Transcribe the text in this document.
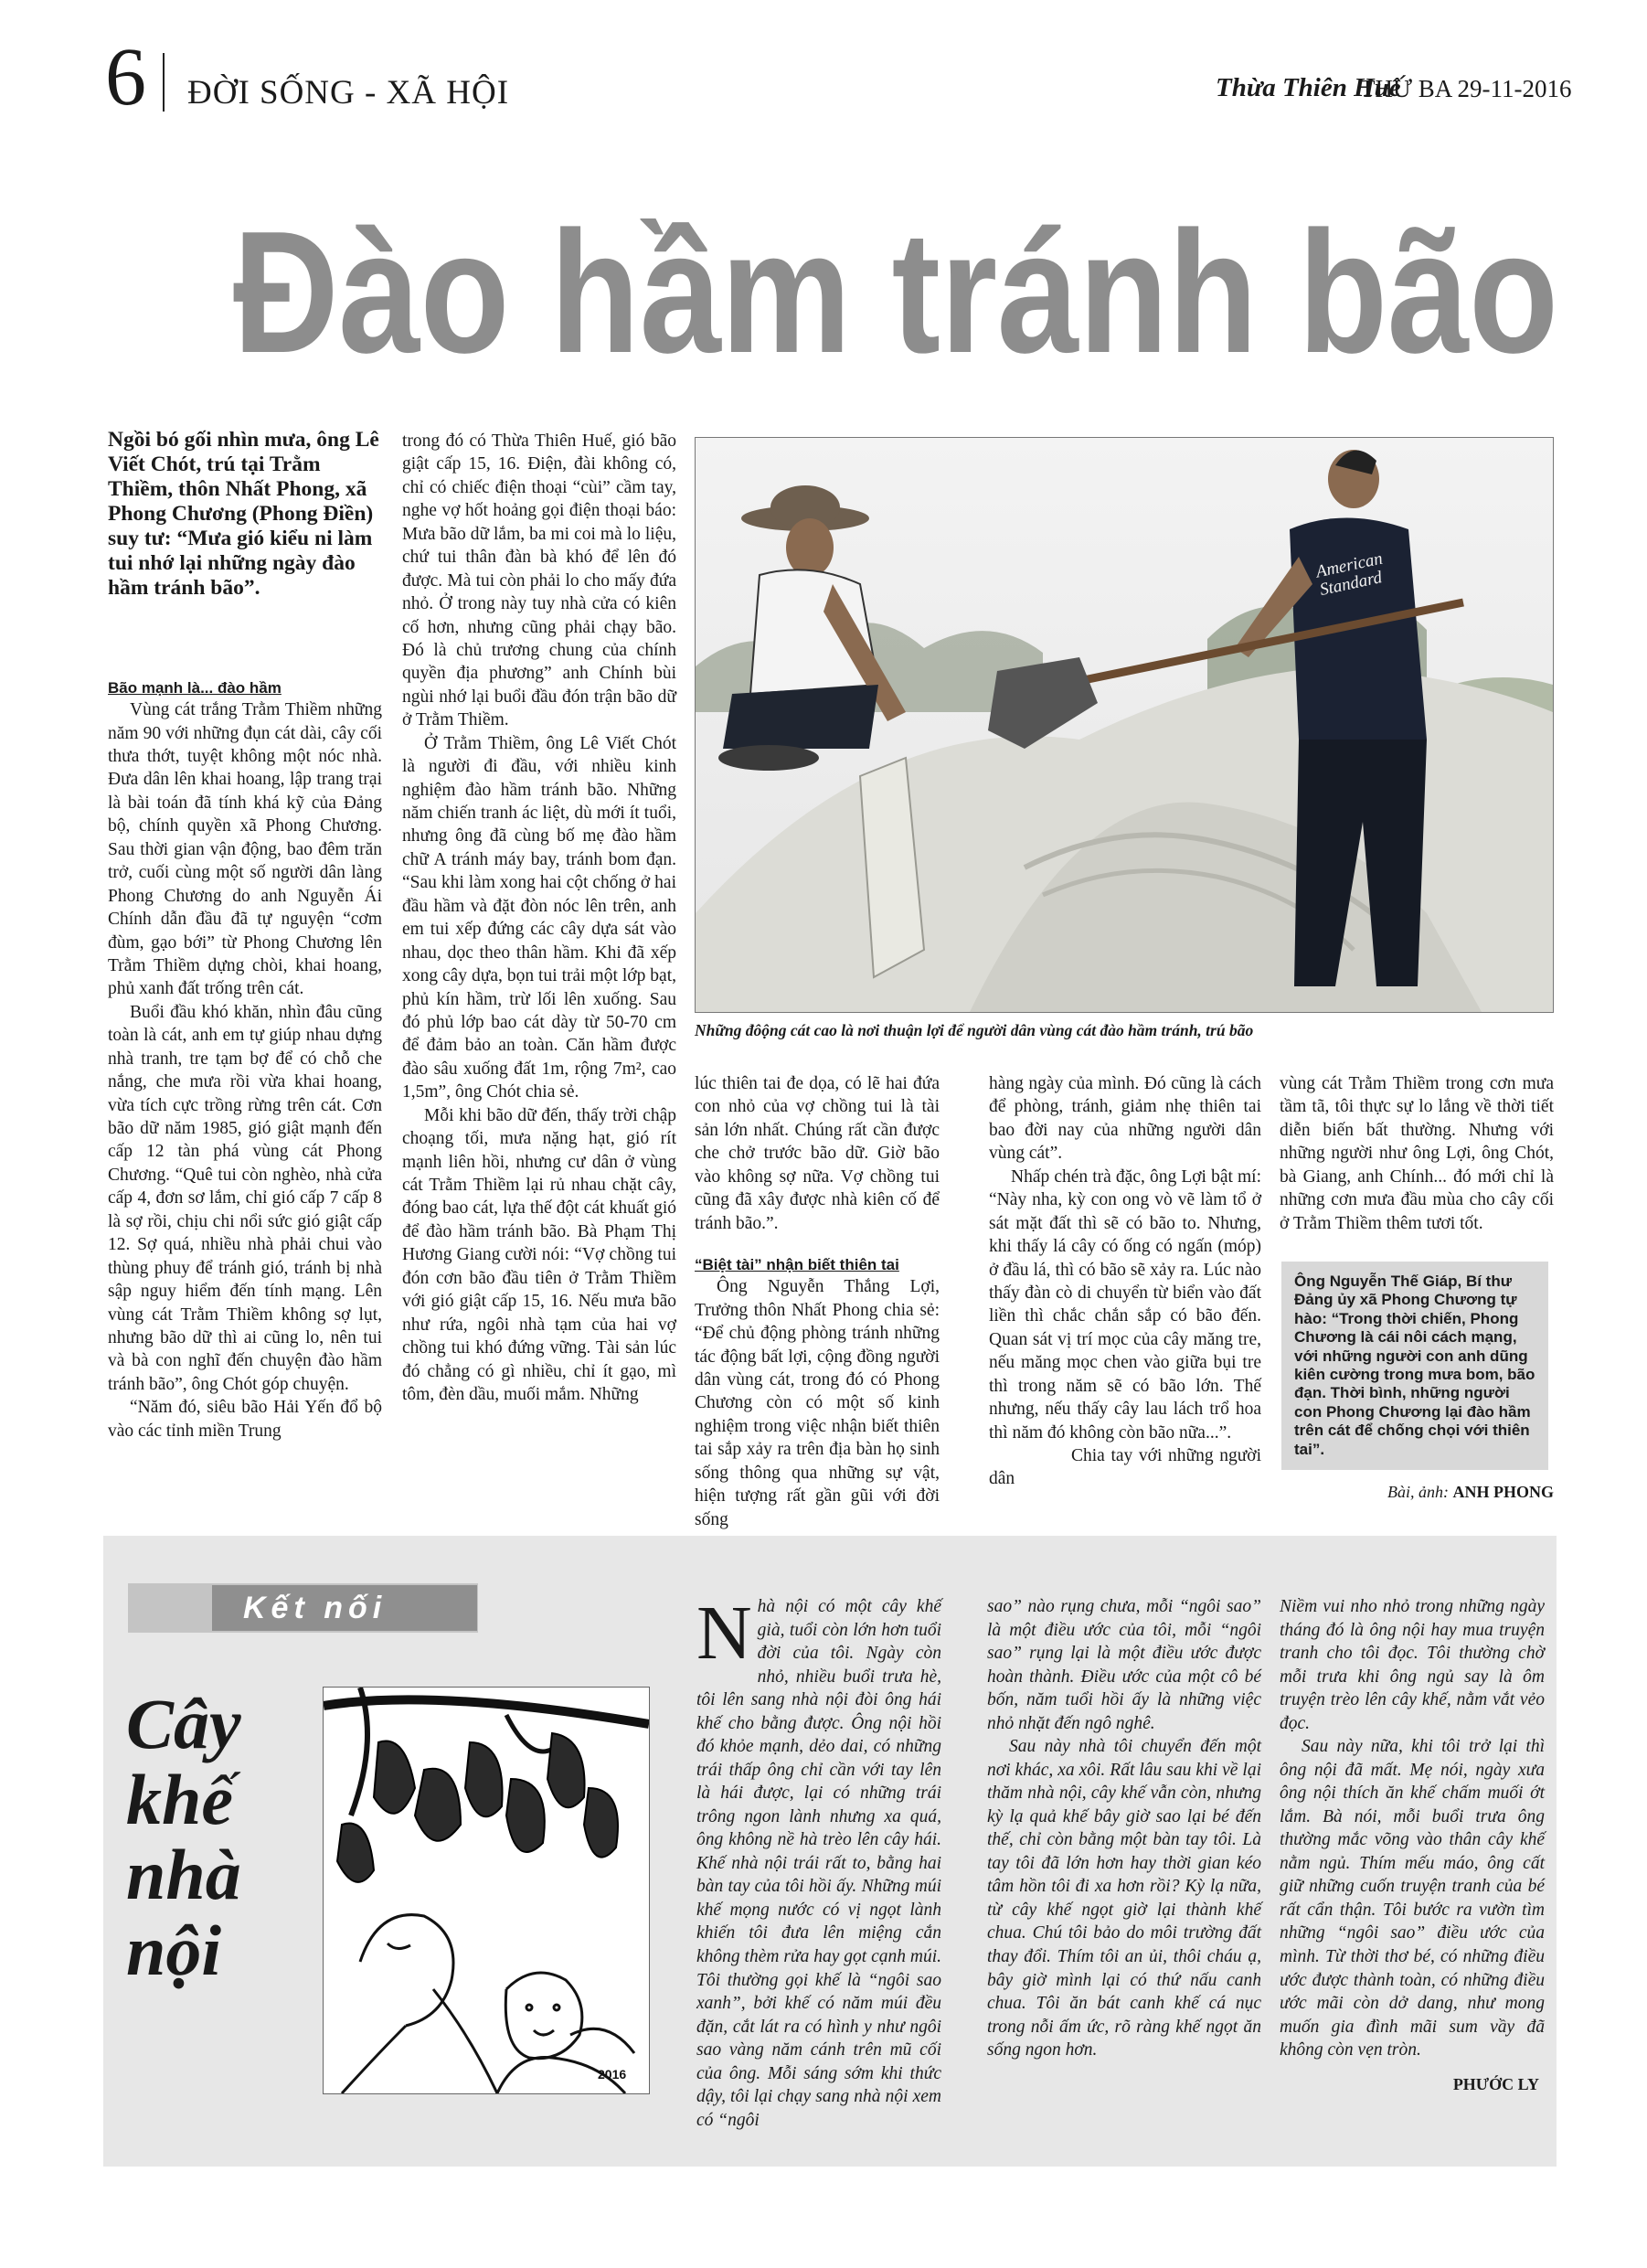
6 ĐỜI SỐNG - XÃ HỘI	Thừa Thiên Huế
THỨ BA 29-11-2016
Đào hầm tránh bão

Ngồi bó gối nhìn mưa, ông Lê Viết Chót, trú tại Trằm Thiềm, thôn Nhất Phong, xã Phong Chương (Phong Điền) suy tư: “Mưa gió kiểu ni làm tui nhớ lại những ngày đào hầm tránh bão”.

Bão mạnh là... đào hầm

Vùng cát trắng Trằm Thiềm những năm 90 với những đụn cát dài, cây cối thưa thớt, tuyệt không một nóc nhà. Đưa dân lên khai hoang, lập trang trại là bài toán đã tính khá kỹ của Đảng bộ, chính quyền xã Phong Chương. Sau thời gian vận động, bao đêm trăn trở, cuối cùng một số người dân làng Phong Chương do anh Nguyễn Ái Chính dẫn đầu đã tự nguyện “cơm đùm, gạo bới” từ Phong Chương lên Trằm Thiềm dựng chòi, khai hoang, phủ xanh đất trống trên cát.

Buổi đầu khó khăn, nhìn đâu cũng toàn là cát, anh em tự giúp nhau dựng nhà tranh, tre tạm bợ để có chỗ che nắng, che mưa rồi vừa khai hoang, vừa tích cực trồng rừng trên cát. Cơn bão dữ năm 1985, gió giật mạnh đến cấp 12 tàn phá vùng cát Phong Chương. “Quê tui còn nghèo, nhà cửa cấp 4, đơn sơ lắm, chỉ gió cấp 7 cấp 8 là sợ rồi, chịu chi nổi sức gió giật cấp 12. Sợ quá, nhiều nhà phải chui vào thùng phuy để tránh gió, tránh bị nhà sập nguy hiểm đến tính mạng. Lên vùng cát Trằm Thiềm không sợ lụt, nhưng bão dữ thì ai cũng lo, nên tui và bà con nghĩ đến chuyện đào hầm tránh bão”, ông Chót góp chuyện.

“Năm đó, siêu bão Hải Yến đổ bộ vào các tỉnh miền Trung

trong đó có Thừa Thiên Huế, gió bão giật cấp 15, 16. Điện, đài không có, chỉ có chiếc điện thoại “cùi” cầm tay, nghe vợ hốt hoảng gọi điện thoại báo: Mưa bão dữ lắm, ba mi coi mà lo liệu, chứ tui thân đàn bà khó để lên đó được. Mà tui còn phải lo cho mấy đứa nhỏ. Ở trong này tuy nhà cửa có kiên cố hơn, nhưng cũng phải chạy bão. Đó là chủ trương chung của chính quyền địa phương” anh Chính bùi ngùi nhớ lại buổi đầu đón trận bão dữ ở Trằm Thiềm.

Ở Trằm Thiềm, ông Lê Viết Chót là người đi đầu, với nhiều kinh nghiệm đào hầm tránh bão. Những năm chiến tranh ác liệt, dù mới ít tuổi, nhưng ông đã cùng bố mẹ đào hầm chữ A tránh máy bay, tránh bom đạn. “Sau khi làm xong hai cột chống ở hai đầu hầm và đặt đòn nóc lên trên, anh em tui xếp đứng các cây dựa sát vào nhau, dọc theo thân hầm. Khi đã xếp xong cây dựa, bọn tui trải một lớp bạt, phủ kín hầm, trừ lối lên xuống. Sau đó phủ lớp bao cát dày từ 50-70 cm để đảm bảo an toàn. Căn hầm được đào sâu xuống đất 1m, rộng 7m², cao 1,5m”, ông Chót chia sẻ.

Mỗi khi bão dữ đến, thấy trời chập choạng tối, mưa nặng hạt, gió rít mạnh liên hồi, nhưng cư dân ở vùng cát Trằm Thiềm lại rủ nhau chặt cây, đóng bao cát, lựa thế đột cát khuất gió để đào hầm tránh bão. Bà Phạm Thị Hương Giang cười nói: “Vợ chồng tui đón cơn bão đầu tiên ở Trằm Thiềm với gió giật cấp 15, 16. Nếu mưa bão như rứa, ngôi nhà tạm của hai vợ chồng tui khó đứng vững. Tài sản lúc đó chẳng có gì nhiều, chỉ ít gạo, mì tôm, đèn dầu, muối mắm. Những

American Standard
Những đôộng cát cao là nơi thuận lợi để người dân vùng cát đào hầm tránh, trú bão

lúc thiên tai đe dọa, có lẽ hai đứa con nhỏ của vợ chồng tui là tài sản lớn nhất. Chúng rất cần được che chở trước bão dữ. Giờ bão vào không sợ nữa. Vợ chồng tui cũng đã xây được nhà kiên cố để tránh bão.”.

“Biệt tài” nhận biết thiên tai

Ông Nguyễn Thắng Lợi, Trưởng thôn Nhất Phong chia sẻ: “Để chủ động phòng tránh những tác động bất lợi, cộng đồng người dân vùng cát, trong đó có Phong Chương còn có một số kinh nghiệm trong việc nhận biết thiên tai sắp xảy ra trên địa bàn họ sinh sống thông qua những sự vật, hiện tượng rất gần gũi với đời sống

hàng ngày của mình. Đó cũng là cách để phòng, tránh, giảm nhẹ thiên tai bao đời nay của những người dân vùng cát”.

Nhấp chén trà đặc, ông Lợi bật mí: “Này nha, kỳ con ong vò vẽ làm tổ ở sát mặt đất thì sẽ có bão to. Nhưng, khi thấy lá cây có ống có ngấn (móp) ở đầu lá, thì có bão sẽ xảy ra. Lúc nào thấy đàn cò di chuyển từ biển vào đất liền thì chắc chắn sắp có bão đến. Quan sát vị trí mọc của cây măng tre, nếu măng mọc chen vào giữa bụi tre thì trong năm sẽ có bão lớn. Thế nhưng, nếu thấy cây lau lách trổ hoa thì năm đó không còn bão nữa...”.

Chia tay với những người dân

vùng cát Trằm Thiềm trong cơn mưa tầm tã, tôi thực sự lo lắng về thời tiết diễn biến bất thường. Nhưng với những người như ông Lợi, ông Chót, bà Giang, anh Chính... đó mới chỉ là những cơn mưa đầu mùa cho cây cối ở Trằm Thiềm thêm tươi tốt.

Ông Nguyễn Thế Giáp, Bí thư Đảng ủy xã Phong Chương tự hào: “Trong thời chiến, Phong Chương là cái nôi cách mạng, với những người con anh dũng kiên cường trong mưa bom, bão đạn. Thời bình, những người con Phong Chương lại đào hầm trên cát để chống chọi với thiên tai”.
Bài, ảnh: ANH PHONG
Kết nối
Cây
khế
nhà
nội
2016

Nhà nội có một cây khế già, tuổi còn lớn hơn tuổi đời của tôi. Ngày còn nhỏ, nhiều buổi trưa hè, tôi lên sang nhà nội đòi ông hái khế cho bằng được. Ông nội hồi đó khỏe mạnh, dẻo dai, có những trái thấp ông chỉ cần với tay lên là hái được, lại có những trái trông ngon lành nhưng xa quá, ông không nề hà trèo lên cây hái. Khế nhà nội trái rất to, bằng hai bàn tay của tôi hồi ấy. Những múi khế mọng nước có vị ngọt lành khiến tôi đưa lên miệng cắn không thèm rửa hay gọt cạnh múi. Tôi thường gọi khế là “ngôi sao xanh”, bởi khế có năm múi đều đặn, cắt lát ra có hình y như ngôi sao vàng năm cánh trên mũ cối của ông. Mỗi sáng sớm khi thức dậy, tôi lại chạy sang nhà nội xem có “ngôi

sao” nào rụng chưa, mỗi “ngôi sao” là một điều ước của tôi, mỗi “ngôi sao” rụng lại là một điều ước được hoàn thành. Điều ước của một cô bé bốn, năm tuổi hồi ấy là những việc nhỏ nhặt đến ngô nghê.

Sau này nhà tôi chuyển đến một nơi khác, xa xôi. Rất lâu sau khi về lại thăm nhà nội, cây khế vẫn còn, nhưng kỳ lạ quả khế bây giờ sao lại bé đến thế, chỉ còn bằng một bàn tay tôi. Là tay tôi đã lớn hơn hay thời gian kéo tâm hồn tôi đi xa hơn rồi? Kỳ lạ nữa, từ cây khế ngọt giờ lại thành khế chua. Chú tôi bảo do môi trường đất thay đổi. Thím tôi an ủi, thôi cháu ạ, bây giờ mình lại có thứ nấu canh chua. Tôi ăn bát canh khế cá nục trong nỗi ấm ức, rõ ràng khế ngọt ăn sống ngon hơn.

Niềm vui nho nhỏ trong những ngày tháng đó là ông nội hay mua truyện tranh cho tôi đọc. Tôi thường chờ mỗi trưa khi ông ngủ say là ôm truyện trèo lên cây khế, nằm vắt vẻo đọc.

Sau này nữa, khi tôi trở lại thì ông nội đã mất. Mẹ nói, ngày xưa ông nội thích ăn khế chấm muối ớt lắm. Bà nói, mỗi buổi trưa ông thường mắc võng vào thân cây khế nằm ngủ. Thím mếu máo, ông cất giữ những cuốn truyện tranh của bé rất cẩn thận. Tôi bước ra vườn tìm những “ngôi sao” điều ước của mình. Từ thời thơ bé, có những điều ước được thành toàn, có những điều ước mãi còn dở dang, như mong muốn gia đình mãi sum vầy đã không còn vẹn tròn.

PHƯỚC LY
